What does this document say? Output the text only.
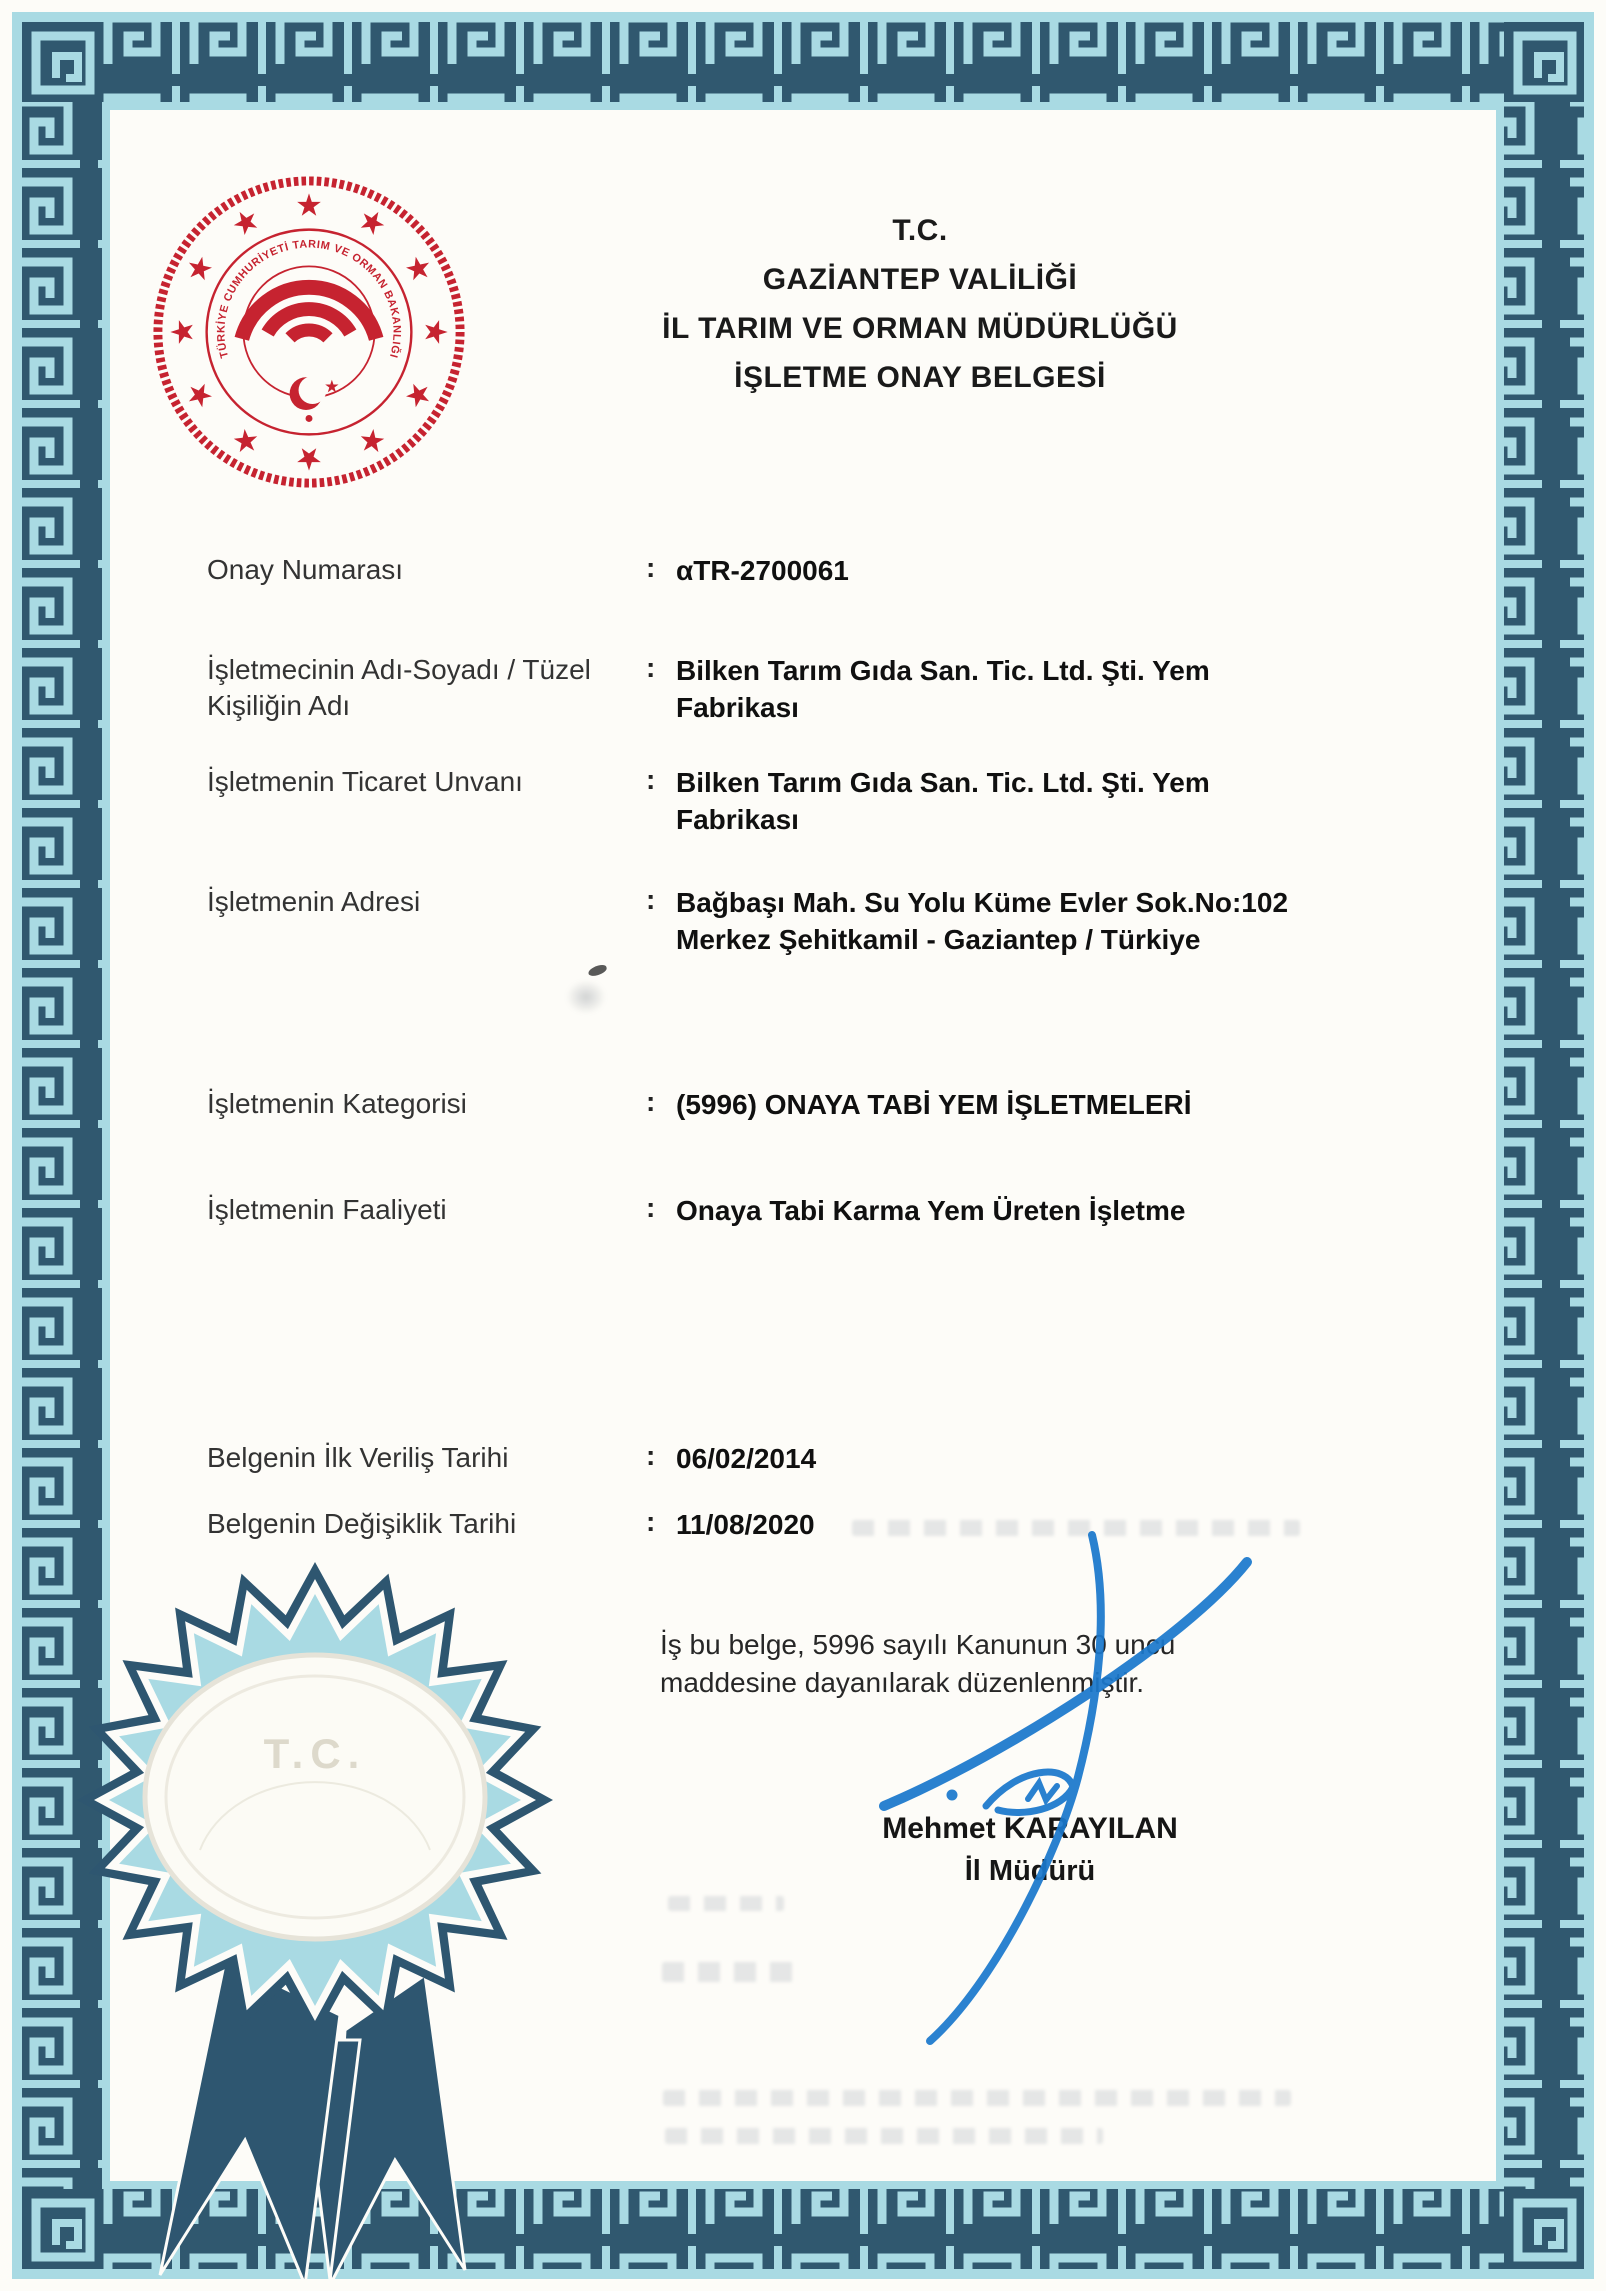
TÜRKİYE CUMHURİYETİ TARIM VE ORMAN BAKANLIĞI
T.C.
GAZİANTEP VALİLİĞİ
İL TARIM VE ORMAN MÜDÜRLÜĞÜ
İŞLETME ONAY BELGESİ
Onay Numarası	: αTR-2700061
İşletmecinin Adı-Soyadı / Tüzel Kişiliğin Adı
: Bilken Tarım Gıda San. Tic. Ltd. Şti. Yem Fabrikası
İşletmenin Ticaret Unvanı	: Bilken Tarım Gıda San. Tic. Ltd. Şti. Yem Fabrikası
İşletmenin Adresi	: Bağbaşı Mah. Su Yolu Küme Evler Sok.No:102 Merkez Şehitkamil - Gaziantep / Türkiye
İşletmenin Kategorisi	: (5996) ONAYA TABİ YEM İŞLETMELERİ
İşletmenin Faaliyeti	: Onaya Tabi Karma Yem Üreten İşletme
Belgenin İlk Veriliş Tarihi	: 06/02/2014
Belgenin Değişiklik Tarihi	: 11/08/2020
İş bu belge, 5996 sayılı Kanunun 30 uncu maddesine dayanılarak düzenlenmiştir.
Mehmet KARAYILAN
İl Müdürü
T.C.
